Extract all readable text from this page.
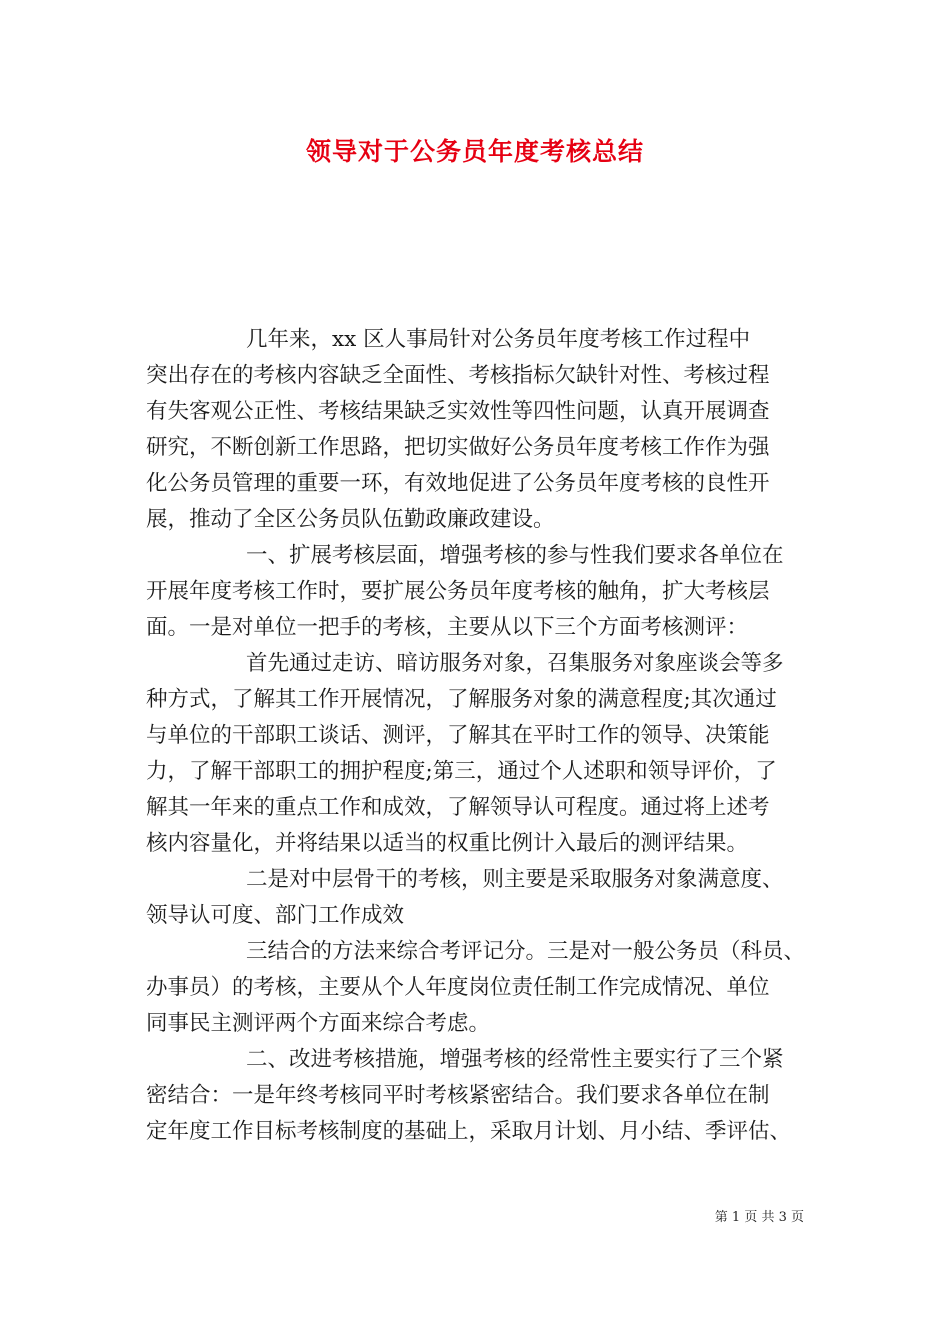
领导对于公务员年度考核总结
几年来，xx 区人事局针对公务员年度考核工作过程中
突出存在的考核内容缺乏全面性、考核指标欠缺针对性、考核过程
有失客观公正性、考核结果缺乏实效性等四性问题，认真开展调查
研究，不断创新工作思路，把切实做好公务员年度考核工作作为强
化公务员管理的重要一环，有效地促进了公务员年度考核的良性开
展，推动了全区公务员队伍勤政廉政建设。
一、扩展考核层面，增强考核的参与性我们要求各单位在
开展年度考核工作时，要扩展公务员年度考核的触角，扩大考核层
面。一是对单位一把手的考核，主要从以下三个方面考核测评：
首先通过走访、暗访服务对象，召集服务对象座谈会等多
种方式，了解其工作开展情况，了解服务对象的满意程度;其次通过
与单位的干部职工谈话、测评，了解其在平时工作的领导、决策能
力，了解干部职工的拥护程度;第三，通过个人述职和领导评价，了
解其一年来的重点工作和成效，了解领导认可程度。通过将上述考
核内容量化，并将结果以适当的权重比例计入最后的测评结果。
二是对中层骨干的考核，则主要是采取服务对象满意度、
领导认可度、部门工作成效
三结合的方法来综合考评记分。三是对一般公务员（科员、
办事员）的考核，主要从个人年度岗位责任制工作完成情况、单位
同事民主测评两个方面来综合考虑。
二、改进考核措施，增强考核的经常性主要实行了三个紧
密结合：一是年终考核同平时考核紧密结合。我们要求各单位在制
定年度工作目标考核制度的基础上，采取月计划、月小结、季评估、
第 1 页 共 3 页
